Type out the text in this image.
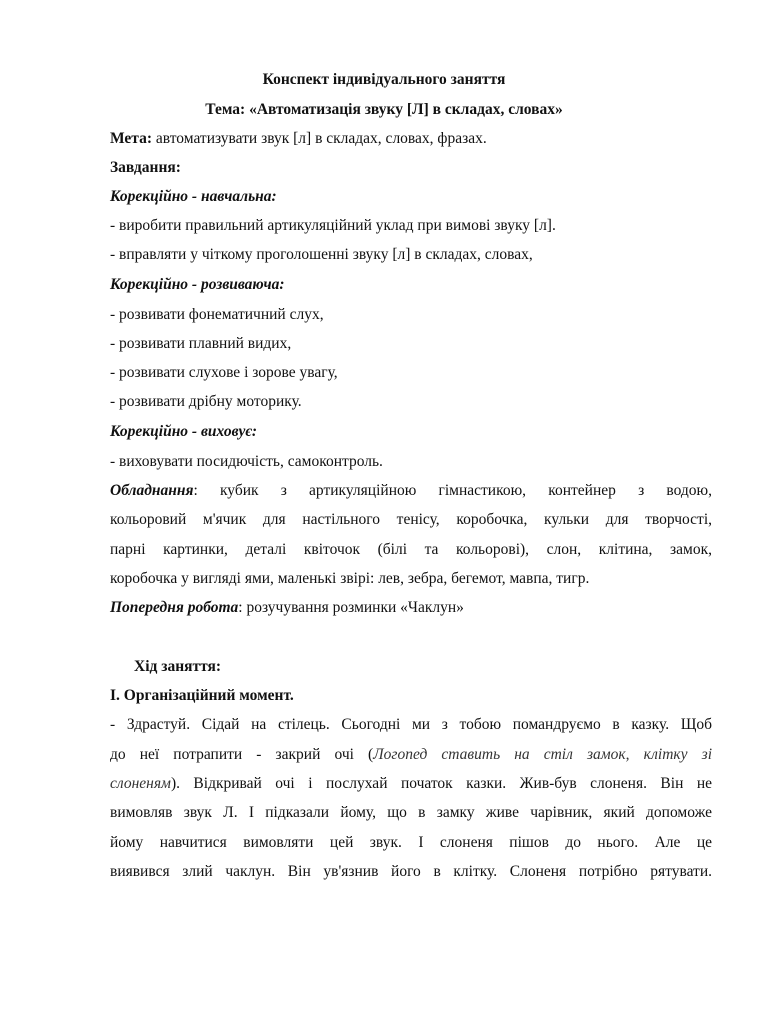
Конспект індивідуального заняття
Тема: «Автоматизація звуку [Л] в складах, словах»
Мета: автоматизувати звук [л] в складах, словах, фразах.
Завдання:
Корекційно - навчальна:
- виробити правильний артикуляційний уклад при вимові звуку [л].
- вправляти у чіткому проголошенні звуку [л] в складах, словах,
Корекційно - розвиваюча:
- розвивати фонематичний слух,
- розвивати плавний видих,
- розвивати слухове і зорове увагу,
- розвивати дрібну моторику.
Корекційно - виховує:
- виховувати посидючість, самоконтроль.
Обладнання: кубик з артикуляційною гімнастикою, контейнер з водою,
кольоровий м'ячик для настільного тенісу, коробочка, кульки для творчості,
парні картинки, деталі квіточок (білі та кольорові), слон, клітина, замок,
коробочка у вигляді ями, маленькі звірі: лев, зебра, бегемот, мавпа, тигр.
Попередня робота: розучування розминки «Чаклун»
Хід заняття:
І. Організаційний момент.
- Здрастуй. Сідай на стілець. Сьогодні ми з тобою помандруємо в казку. Щоб
до неї потрапити - закрий очі (Логопед ставить на стіл замок, клітку зі
слоненям). Відкривай очі і послухай початок казки. Жив-був слоненя. Він не
вимовляв звук Л. І підказали йому, що в замку живе чарівник, який допоможе
йому навчитися вимовляти цей звук. І слоненя пішов до нього. Але це
виявився злий чаклун. Він ув'язнив його в клітку. Слоненя потрібно рятувати.
